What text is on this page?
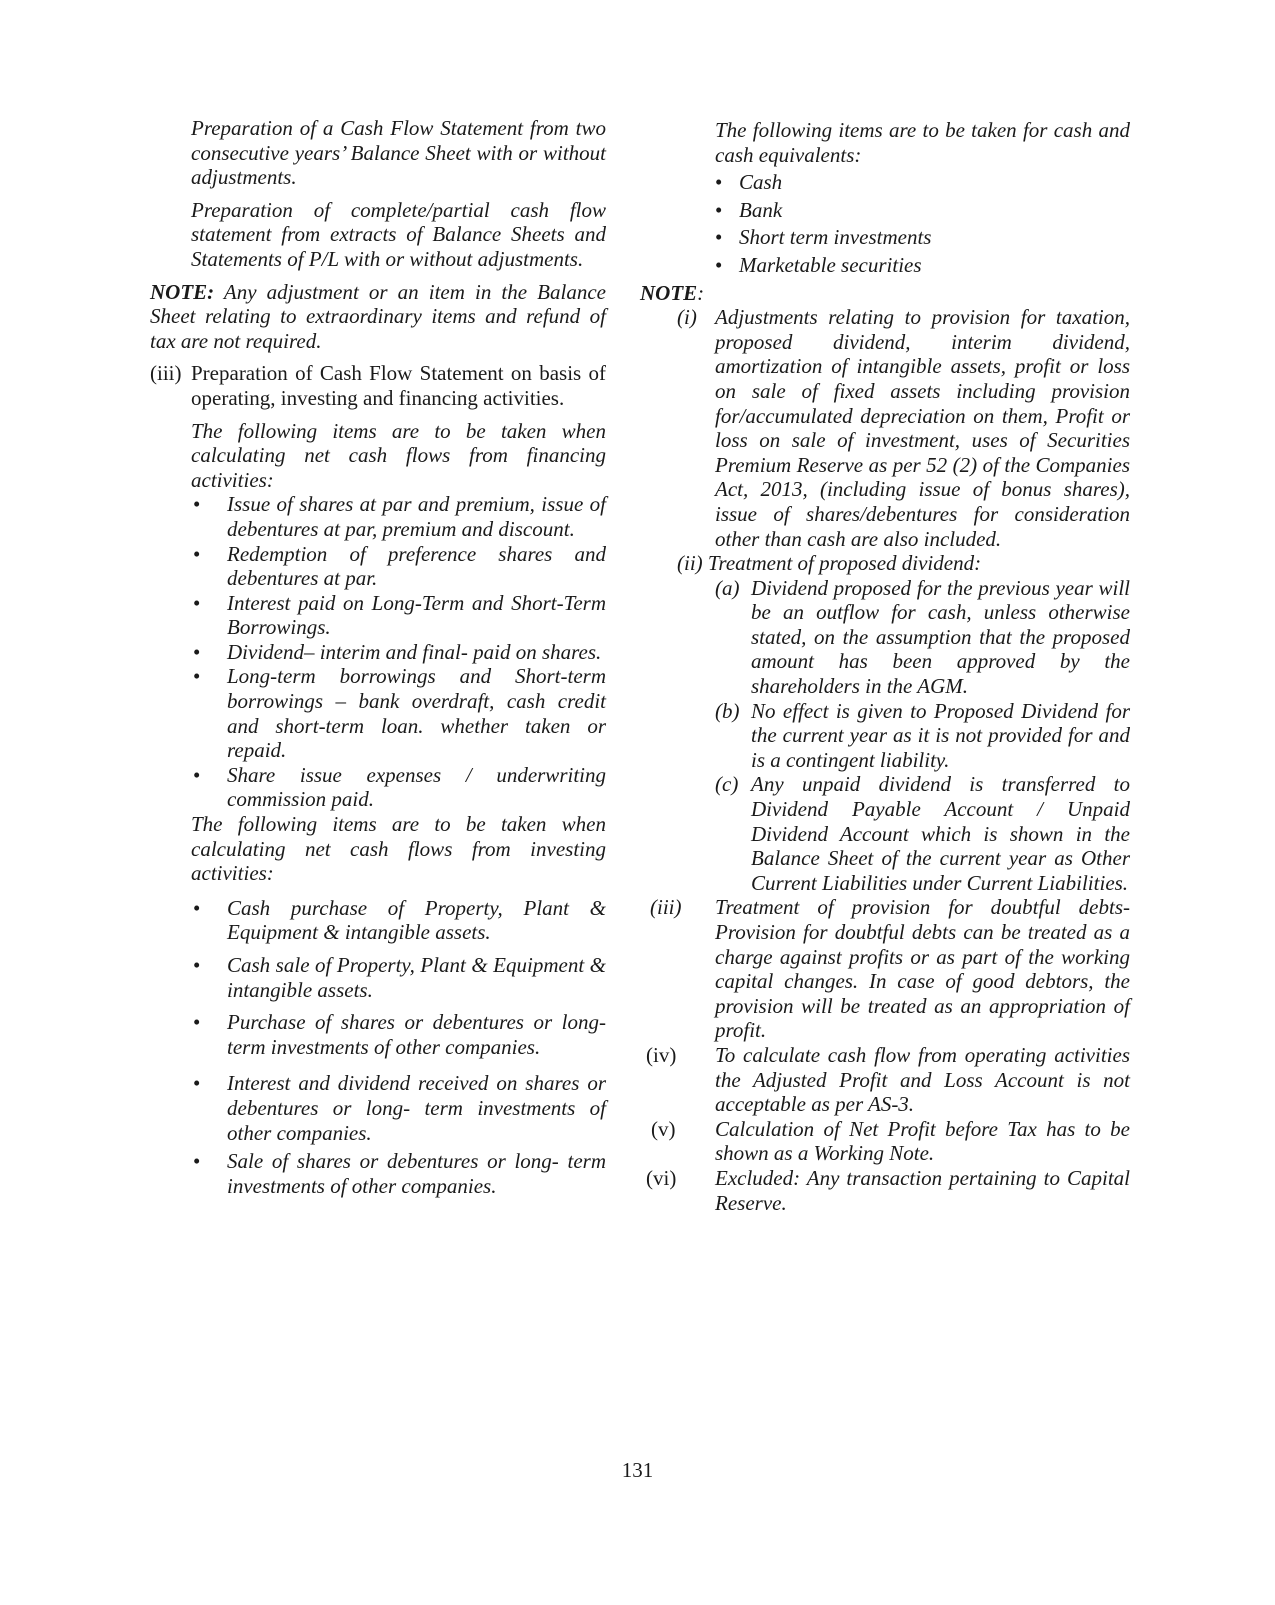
Preparation of a Cash Flow Statement from two consecutive years’ Balance Sheet with or without adjustments.

Preparation of complete/partial cash flow statement from extracts of Balance Sheets and Statements of P/L with or without adjustments.

NOTE: Any adjustment or an item in the Balance Sheet relating to extraordinary items and refund of tax are not required.

(iii) Preparation of Cash Flow Statement on basis of operating, investing and financing activities.

The following items are to be taken when calculating net cash flows from financing activities:

• Issue of shares at par and premium, issue of debentures at par, premium and discount.
• Redemption of preference shares and debentures at par.
• Interest paid on Long-Term and Short-Term Borrowings.
• Dividend– interim and final- paid on shares.
• Long-term borrowings and Short-term borrowings – bank overdraft, cash credit and short-term loan. whether taken or repaid.
• Share issue expenses / underwriting commission paid.

The following items are to be taken when calculating net cash flows from investing activities:

• Cash purchase of Property, Plant & Equipment & intangible assets.
• Cash sale of Property, Plant & Equipment & intangible assets.
• Purchase of shares or debentures or long-term investments of other companies.
• Interest and dividend received on shares or debentures or long- term investments of other companies.
• Sale of shares or debentures or long- term investments of other companies.

The following items are to be taken for cash and cash equivalents:

• Cash
• Bank
• Short term investments
• Marketable securities

NOTE:

(i) Adjustments relating to provision for taxation, proposed dividend, interim dividend, amortization of intangible assets, profit or loss on sale of fixed assets including provision for/accumulated depreciation on them, Profit or loss on sale of investment, uses of Securities Premium Reserve as per 52 (2) of the Companies Act, 2013, (including issue of bonus shares), issue of shares/debentures for consideration other than cash are also included.

(ii) Treatment of proposed dividend:

(a) Dividend proposed for the previous year will be an outflow for cash, unless otherwise stated, on the assumption that the proposed amount has been approved by the shareholders in the AGM.
(b) No effect is given to Proposed Dividend for the current year as it is not provided for and is a contingent liability.
(c) Any unpaid dividend is transferred to Dividend Payable Account / Unpaid Dividend Account which is shown in the Balance Sheet of the current year as Other Current Liabilities under Current Liabilities.
(iii)	Treatment of provision for doubtful debts- Provision for doubtful debts can be treated as a charge against profits or as part of the working capital changes. In case of good debtors, the provision will be treated as an appropriation of profit.
(iv)	To calculate cash flow from operating activities the Adjusted Profit and Loss Account is not acceptable as per AS-3.
(v)	Calculation of Net Profit before Tax has to be shown as a Working Note.
(vi)	Excluded: Any transaction pertaining to Capital Reserve.
131
